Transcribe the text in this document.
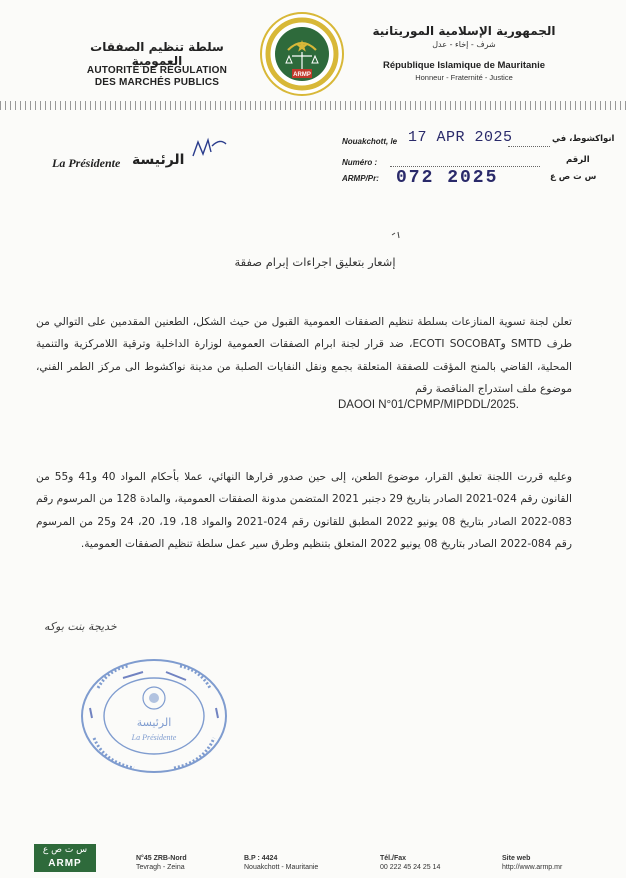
سلطة تنظيم الصفقات العمومية
AUTORITÉ DE RÉGULATION
DES MARCHÉS PUBLICS
ARMP
الجمهورية الإسلامية الموريتانية
شرف - إخاء - عدل
République Islamique de Mauritanie
Honneur - Fraternité - Justice
Nouakchott, le 17 APR 2025	انواكشوط، في
Numéro :	الرقم
ARMP/Pr: 072 2025	س ت ص ع
La Présidente الرئيسة
إشعار بتعليق اجراءات إبرام صفقة
تعلن لجنة تسوية المنازعات بسلطة تنظيم الصفقات العمومية القبول من حيث الشكل، الطعنين المقدمين على التوالي من طرف SMTD وECOTI SOCOBAT، ضد قرار لجنة ابرام الصفقات العمومية لوزارة الداخلية وترقية اللامركزية والتنمية المحلية، القاضي بالمنح المؤقت للصفقة المتعلقة بجمع ونقل النفايات الصلبة من مدينة نواكشوط الى مركز الطمر الفني، موضوع ملف استدراج المناقصة رقم
DAOOI N°01/CPMP/MIPDDL/2025.
وعليه قررت اللجنة تعليق القرار، موضوع الطعن، إلى حين صدور قرارها النهائي، عملا بأحكام المواد 40 و41 و55 من القانون رقم 024-2021 الصادر بتاريخ 29 دجنبر 2021 المتضمن مدونة الصفقات العمومية، والمادة 128 من المرسوم رقم 083-2022 الصادر بتاريخ 08 يونيو 2022 المطبق للقانون رقم 024-2021 والمواد 18، 19، 20، 24 و25 من المرسوم رقم 084-2022 الصادر بتاريخ 08 يونيو 2022 المتعلق بتنظيم وطرق سير عمل سلطة تنظيم الصفقات العمومية.
خديجة بنت بوكه
الرئيسة
La Présidente
س ت ص ع
ARMP	N°45 ZRB-Nord
Tevragh - Zeina
B.P : 4424
Nouakchott - Mauritanie
Tél./Fax
00 222 45 24 25 14
Site web
http://www.armp.mr
